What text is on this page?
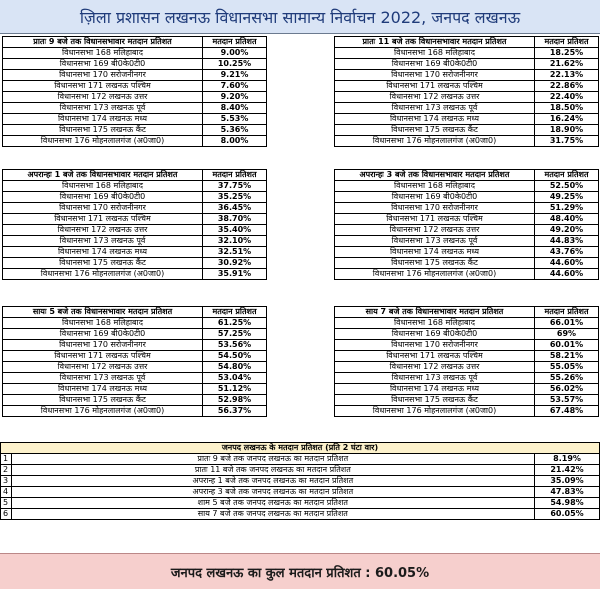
ज़िला प्रशासन लखनऊ विधानसभा सामान्य निर्वाचन 2022, जनपद लखनऊ
प्रातः 9 बजे तक विधानसभावार मतदान प्रतिशत	मतदान प्रतिशत
विधानसभा 168 मलिहाबाद	9.00%
विधानसभा 169 बी0के0टी0	10.25%
विधानसभा 170 सरोजनीनगर	9.21%
विधानसभा 171 लखनऊ पश्चिम	7.60%
विधानसभा 172 लखनऊ उत्तर	9.20%
विधानसभा 173 लखनऊ पूर्व	8.40%
विधानसभा 174 लखनऊ मध्य	5.53%
विधानसभा 175 लखनऊ कैंट	5.36%
विधानसभा 176 मोहनलालगंज (अ0जा0)	8.00%
प्रातः 11 बजे तक विधानसभावार मतदान प्रतिशत	मतदान प्रतिशत
विधानसभा 168 मलिहाबाद	18.25%
विधानसभा 169 बी0के0टी0	21.62%
विधानसभा 170 सरोजनीनगर	22.13%
विधानसभा 171 लखनऊ पश्चिम	22.86%
विधानसभा 172 लखनऊ उत्तर	22.40%
विधानसभा 173 लखनऊ पूर्व	18.50%
विधानसभा 174 लखनऊ मध्य	16.24%
विधानसभा 175 लखनऊ कैंट	18.90%
विधानसभा 176 मोहनलालगंज (अ0जा0)	31.75%
अपरान्हः 1 बजे तक विधानसभावार मतदान प्रतिशत	मतदान प्रतिशत
विधानसभा 168 मलिहाबाद	37.75%
विधानसभा 169 बी0के0टी0	35.25%
विधानसभा 170 सरोजनीनगर	36.45%
विधानसभा 171 लखनऊ पश्चिम	38.70%
विधानसभा 172 लखनऊ उत्तर	35.40%
विधानसभा 173 लखनऊ पूर्व	32.10%
विधानसभा 174 लखनऊ मध्य	32.51%
विधानसभा 175 लखनऊ कैंट	30.92%
विधानसभा 176 मोहनलालगंज (अ0जा0)	35.91%
अपरान्हः 3 बजे तक विधानसभावार मतदान प्रतिशत	मतदान प्रतिशत
विधानसभा 168 मलिहाबाद	52.50%
विधानसभा 169 बी0के0टी0	49.25%
विधानसभा 170 सरोजनीनगर	51.29%
विधानसभा 171 लखनऊ पश्चिम	48.40%
विधानसभा 172 लखनऊ उत्तर	49.20%
विधानसभा 173 लखनऊ पूर्व	44.83%
विधानसभा 174 लखनऊ मध्य	43.76%
विधानसभा 175 लखनऊ कैंट	44.60%
विधानसभा 176 मोहनलालगंज (अ0जा0)	44.60%
सायः 5 बजे तक विधानसभावार मतदान प्रतिशत	मतदान प्रतिशत
विधानसभा 168 मलिहाबाद	61.25%
विधानसभा 169 बी0के0टी0	57.25%
विधानसभा 170 सरोजनीनगर	53.56%
विधानसभा 171 लखनऊ पश्चिम	54.50%
विधानसभा 172 लखनऊ उत्तर	54.80%
विधानसभा 173 लखनऊ पूर्व	53.04%
विधानसभा 174 लखनऊ मध्य	51.12%
विधानसभा 175 लखनऊ कैंट	52.98%
विधानसभा 176 मोहनलालगंज (अ0जा0)	56.37%
साय 7 बजे तक विधानसभावार मतदान प्रतिशत	मतदान प्रतिशत
विधानसभा 168 मलिहाबाद	66.01%
विधानसभा 169 बी0के0टी0	69%
विधानसभा 170 सरोजनीनगर	60.01%
विधानसभा 171 लखनऊ पश्चिम	58.21%
विधानसभा 172 लखनऊ उत्तर	55.05%
विधानसभा 173 लखनऊ पूर्व	55.26%
विधानसभा 174 लखनऊ मध्य	56.02%
विधानसभा 175 लखनऊ कैंट	53.57%
विधानसभा 176 मोहनलालगंज (अ0जा0)	67.48%
जनपद लखनऊ के मतदान प्रतिशत (प्रति 2 घंटा वार)		
1	प्रातः 9 बजे तक जनपद लखनऊ का मतदान प्रतिशत	8.19%
2	प्रातः 11 बजे तक जनपद लखनऊ का मतदान प्रतिशत	21.42%
3	अपरान्ह 1 बजे तक जनपद लखनऊ का मतदान प्रतिशत	35.09%
4	अपरान्ह 3 बजे तक जनपद लखनऊ का मतदान प्रतिशत	47.83%
5	शाम 5 बजे तक जनपद लखनऊ का मतदान प्रतिशत	54.98%
6	साय 7 बजे तक जनपद लखनऊ का मतदान प्रतिशत	60.05%
जनपद लखनऊ का कुल मतदान प्रतिशत : 60.05%
